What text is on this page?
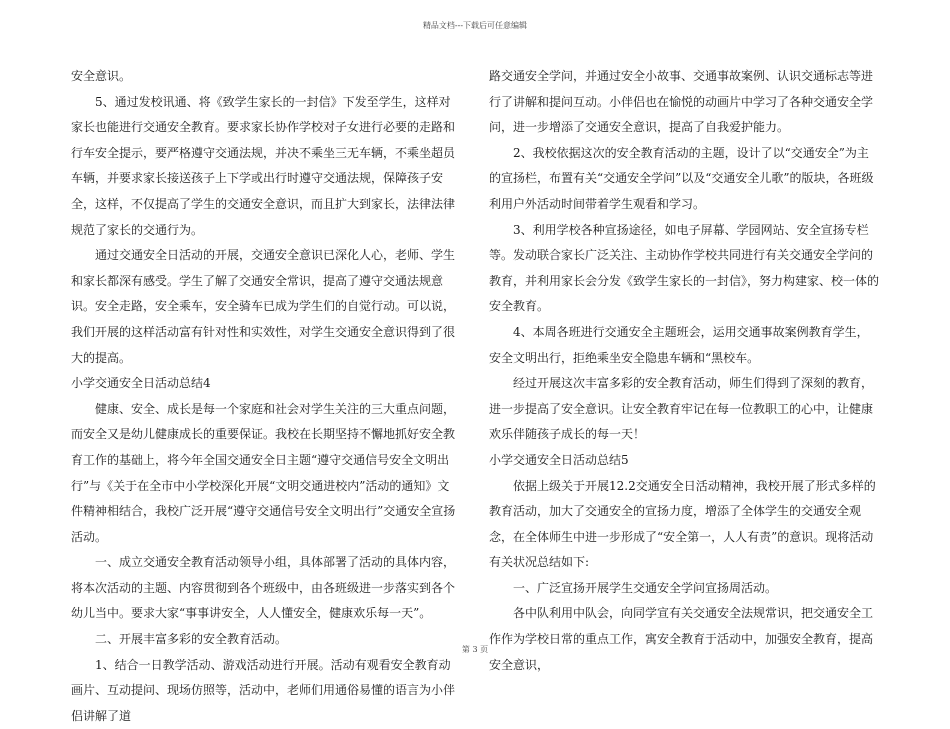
精品文档---下载后可任意编辑

安全意识。

5、通过发校讯通、将《致学生家长的一封信》下发至学生，这样对家长也能进行交通安全教育。要求家长协作学校对子女进行必要的走路和行车安全提示，要严格遵守交通法规，并决不乘坐三无车辆，不乘坐超员车辆，并要求家长接送孩子上下学或出行时遵守交通法规，保障孩子安全，这样，不仅提高了学生的交通安全意识，而且扩大到家长，法律法律规范了家长的交通行为。

通过交通安全日活动的开展，交通安全意识已深化人心，老师、学生和家长都深有感受。学生了解了交通安全常识，提高了遵守交通法规意识。安全走路，安全乘车，安全骑车已成为学生们的自觉行动。可以说，我们开展的这样活动富有针对性和实效性，对学生交通安全意识得到了很大的提高。

小学交通安全日活动总结4

健康、安全、成长是每一个家庭和社会对学生关注的三大重点问题，而安全又是幼儿健康成长的重要保证。我校在长期坚持不懈地抓好安全教育工作的基础上，将今年全国交通安全日主题“遵守交通信号安全文明出行”与《关于在全市中小学校深化开展“文明交通进校内”活动的通知》文件精神相结合，我校广泛开展“遵守交通信号安全文明出行”交通安全宣扬活动。

一、成立交通安全教育活动领导小组，具体部署了活动的具体内容，将本次活动的主题、内容贯彻到各个班级中，由各班级进一步落实到各个幼儿当中。要求大家“事事讲安全，人人懂安全，健康欢乐每一天”。

二、开展丰富多彩的安全教育活动。

1、结合一日教学活动、游戏活动进行开展。活动有观看安全教育动画片、互动提问、现场仿照等，活动中，老师们用通俗易懂的语言为小伴侣讲解了道

路交通安全学问，并通过安全小故事、交通事故案例、认识交通标志等进行了讲解和提问互动。小伴侣也在愉悦的动画片中学习了各种交通安全学问，进一步增添了交通安全意识，提高了自我爱护能力。

2、我校依据这次的安全教育活动的主题，设计了以“交通安全”为主的宣扬栏，布置有关“交通安全学问”以及“交通安全儿歌”的版块，各班级利用户外活动时间带着学生观看和学习。

3、利用学校各种宣扬途径，如电子屏幕、学园网站、安全宣扬专栏等。发动联合家长广泛关注、主动协作学校共同进行有关交通安全学问的教育，并利用家长会分发《致学生家长的一封信》，努力构建家、校一体的安全教育。

4、本周各班进行交通安全主题班会，运用交通事故案例教育学生，安全文明出行，拒绝乘坐安全隐患车辆和“黑校车。

经过开展这次丰富多彩的安全教育活动，师生们得到了深刻的教育，进一步提高了安全意识。让安全教育牢记在每一位教职工的心中，让健康欢乐伴随孩子成长的每一天！

小学交通安全日活动总结5

依据上级关于开展12.2交通安全日活动精神，我校开展了形式多样的教育活动，加大了交通安全的宣扬力度，增添了全体学生的交通安全观念，在全体师生中进一步形成了“安全第一，人人有责”的意识。现将活动有关状况总结如下:

一、广泛宣扬开展学生交通安全学问宣扬周活动。

各中队利用中队会，向同学宣有关交通安全法规常识，把交通安全工作作为学校日常的重点工作，寓安全教育于活动中，加强安全教育，提高安全意识，

第 3 页
